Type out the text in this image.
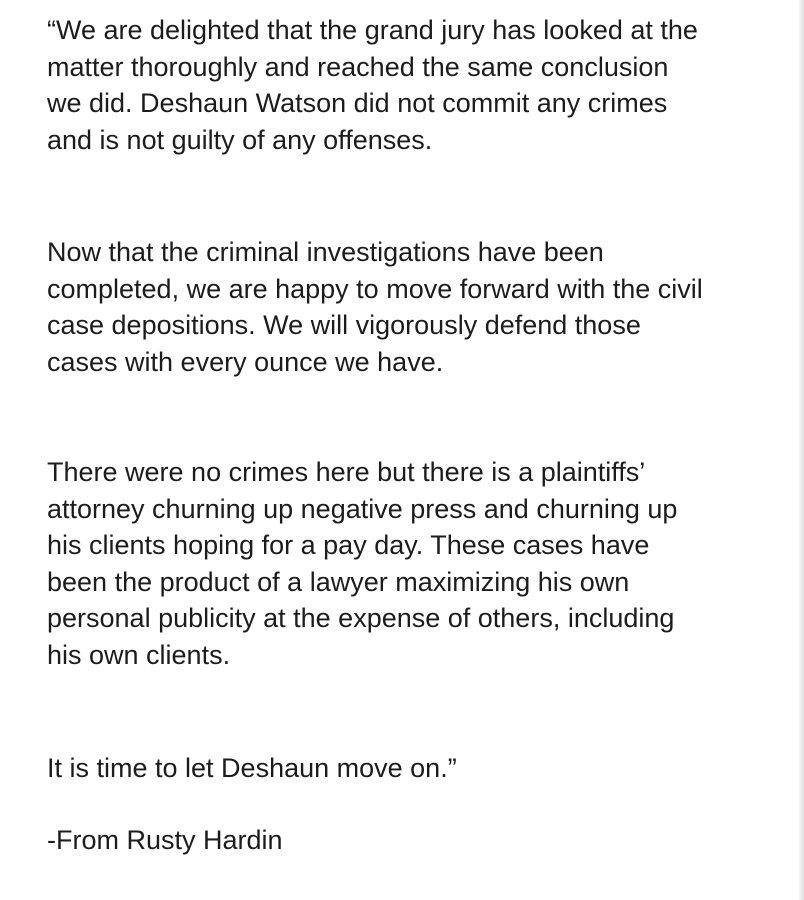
“We are delighted that the grand jury has looked at the
matter thoroughly and reached the same conclusion
we did. Deshaun Watson did not commit any crimes
and is not guilty of any offenses.

Now that the criminal investigations have been
completed, we are happy to move forward with the civil
case depositions. We will vigorously defend those
cases with every ounce we have.

There were no crimes here but there is a plaintiffs’
attorney churning up negative press and churning up
his clients hoping for a pay day. These cases have
been the product of a lawyer maximizing his own
personal publicity at the expense of others, including
his own clients.

It is time to let Deshaun move on.”

-From Rusty Hardin
